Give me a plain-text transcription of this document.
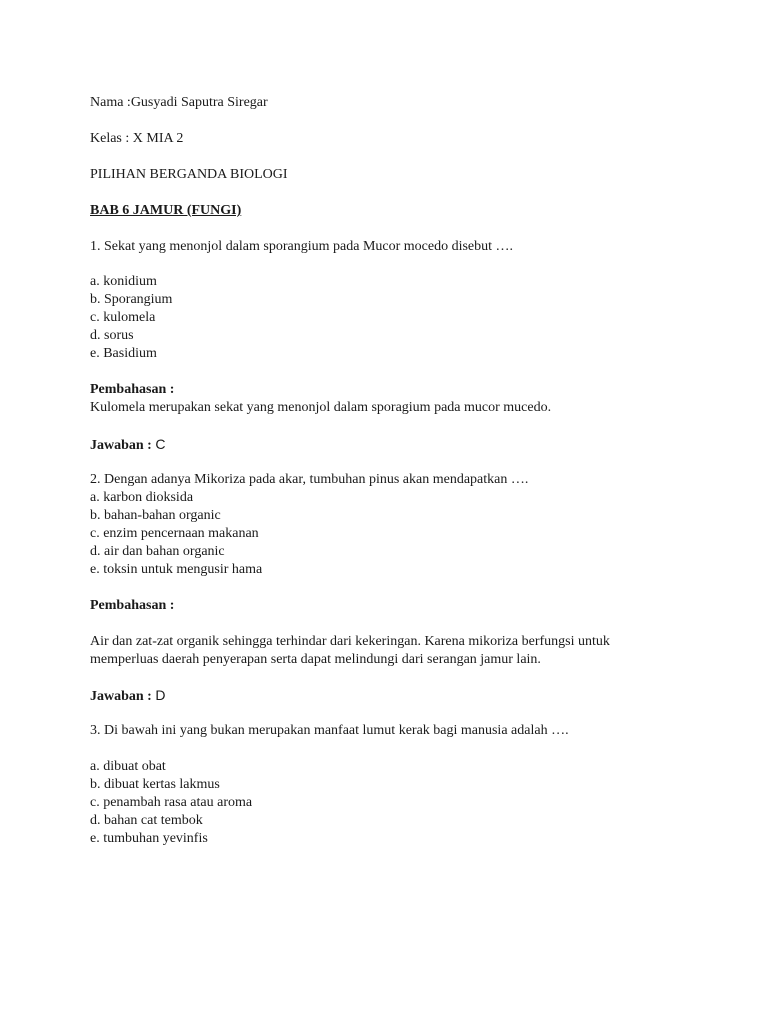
Nama :Gusyadi Saputra Siregar
Kelas : X MIA 2
PILIHAN BERGANDA BIOLOGI
BAB 6 JAMUR (FUNGI)
1. Sekat yang menonjol dalam sporangium pada Mucor mocedo disebut ….
a. konidium
b. Sporangium
c. kulomela
d. sorus
e. Basidium
Pembahasan :
Kulomela merupakan sekat yang menonjol dalam sporagium pada mucor mucedo.
Jawaban : C
2. Dengan adanya Mikoriza pada akar, tumbuhan pinus akan mendapatkan ….
a. karbon dioksida
b. bahan-bahan organic
c. enzim pencernaan makanan
d. air dan bahan organic
e. toksin untuk mengusir hama
Pembahasan :
Air dan zat-zat organik sehingga terhindar dari kekeringan. Karena mikoriza berfungsi untuk
memperluas daerah penyerapan serta dapat melindungi dari serangan jamur lain.
Jawaban : D
3. Di bawah ini yang bukan merupakan manfaat lumut kerak bagi manusia adalah ….
a. dibuat obat
b. dibuat kertas lakmus
c. penambah rasa atau aroma
d. bahan cat tembok
e. tumbuhan yevinfis
